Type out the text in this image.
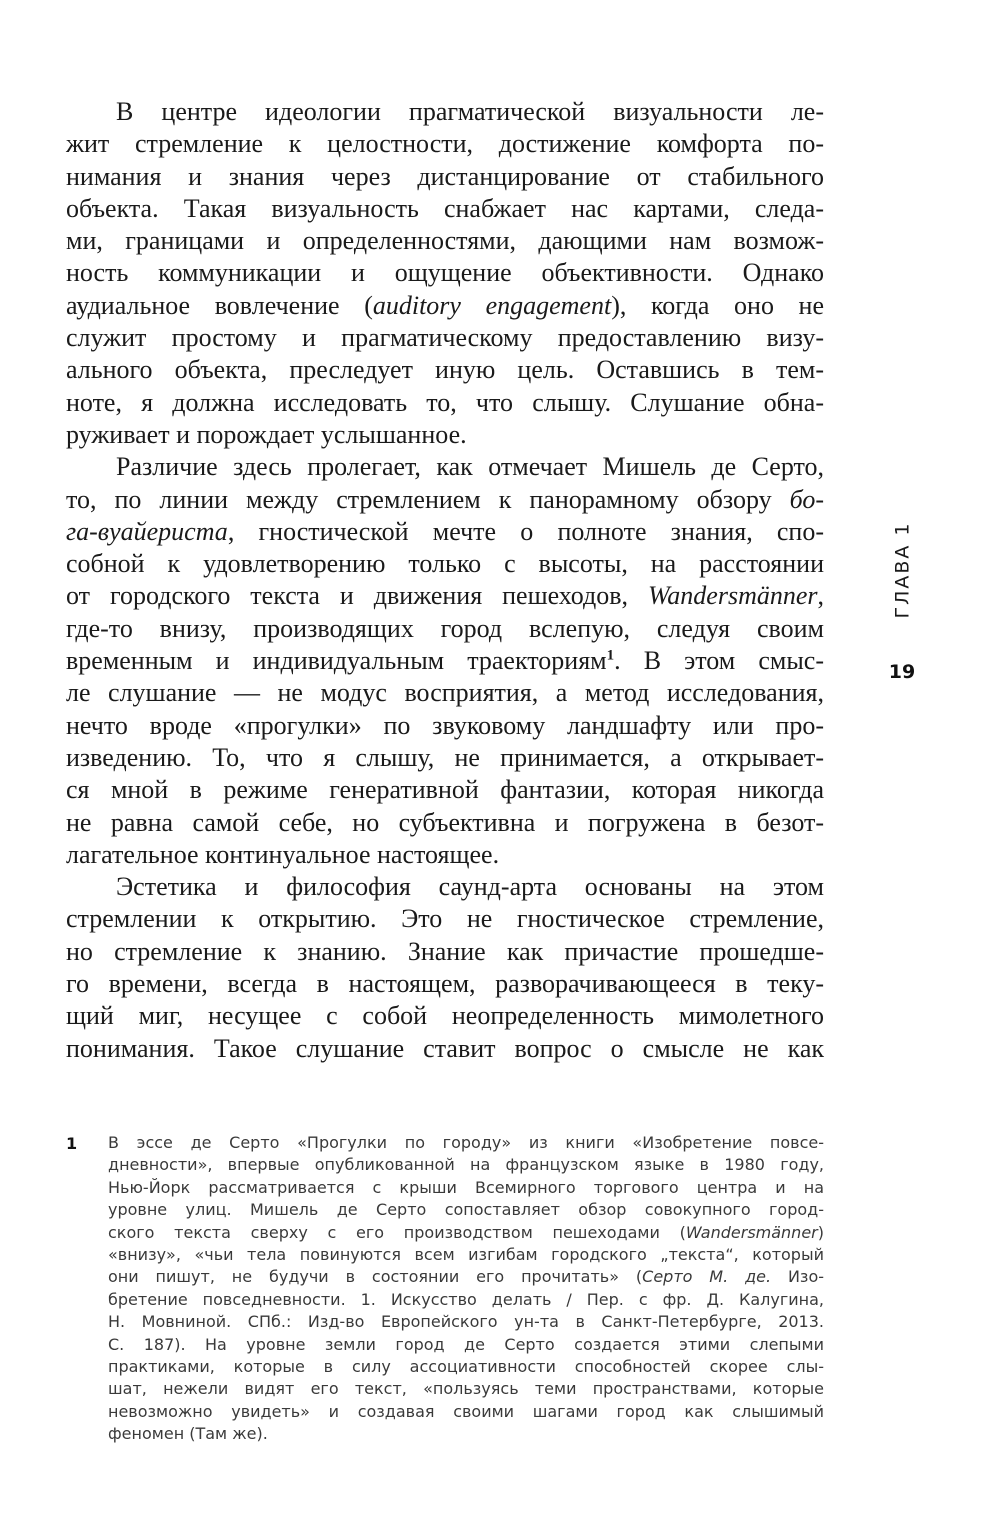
В центре идеологии прагматической визуальности ле-
жит стремление к целостности, достижение комфорта по-
нимания и знания через дистанцирование от стабильного
объекта. Такая визуальность снабжает нас картами, следа-
ми, границами и определенностями, дающими нам возмож-
ность коммуникации и ощущение объективности. Однако
аудиальное вовлечение (auditory engagement), когда оно не
служит простому и прагматическому предоставлению визу-
ального объекта, преследует иную цель. Оставшись в тем-
ноте, я должна исследовать то, что слышу. Слушание обна-
руживает и порождает услышанное.
Различие здесь пролегает, как отмечает Мишель де Серто,
то, по линии между стремлением к панорамному обзору бо-
га-вуайериста, гностической мечте о полноте знания, спо-
собной к удовлетворению только с высоты, на расстоянии
от городского текста и движения пешеходов, Wandersmänner,
где-то внизу, производящих город вслепую, следуя своим
временным и индивидуальным траекториям$^1$. В этом смыс-
ле слушание — не модус восприятия, а метод исследования,
нечто вроде «прогулки» по звуковому ландшафту или про-
изведению. То, что я слышу, не принимается, а открывает-
ся мной в режиме генеративной фантазии, которая никогда
не равна самой себе, но субъективна и погружена в безот-
лагательное континуальное настоящее.
Эстетика и философия саунд-арта основаны на этом
стремлении к открытию. Это не гностическое стремление,
но стремление к знанию. Знание как причастие прошедше-
го времени, всегда в настоящем, разворачивающееся в теку-
щий миг, несущее с собой неопределенность мимолетного
понимания. Такое слушание ставит вопрос о смысле не как
ГЛАВА 1
19
1 В эссе де Серто «Прогулки по городу» из книги «Изобретение повсе-
дневности», впервые опубликованной на французском языке в 1980 году,
Нью-Йорк рассматривается с крыши Всемирного торгового центра и на
уровне улиц. Мишель де Серто сопоставляет обзор совокупного город-
ского текста сверху с его производством пешеходами (Wandersmänner)
«внизу», «чьи тела повинуются всем изгибам городского „текста“, который
они пишут, не будучи в состоянии его прочитать» (Серто М. де. Изо-
бретение повседневности. 1. Искусство делать / Пер. с фр. Д. Калугина,
Н. Мовниной. СПб.: Изд-во Европейского ун-та в Санкт-Петербурге, 2013.
С. 187). На уровне земли город де Серто создается этими слепыми
практиками, которые в силу ассоциативности способностей скорее слы-
шат, нежели видят его текст, «пользуясь теми пространствами, которые
невозможно увидеть» и создавая своими шагами город как слышимый
феномен (Там же).
